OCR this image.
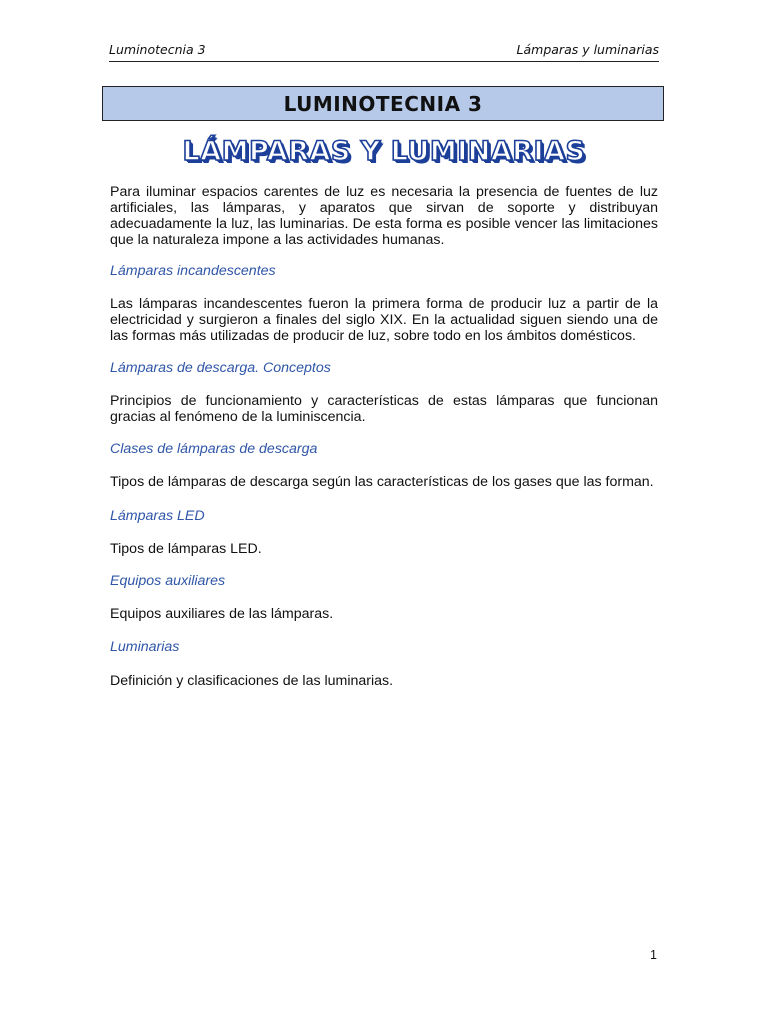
Luminotecnia 3	Lámparas y luminarias
LUMINOTECNIA 3
LÁMPARAS Y LUMINARIAS
Para iluminar espacios carentes de luz es necesaria la presencia de fuentes de luz artificiales, las lámparas, y aparatos que sirvan de soporte y distribuyan adecuadamente la luz, las luminarias. De esta forma es posible vencer las limitaciones que la naturaleza impone a las actividades humanas.
Lámparas incandescentes
Las lámparas incandescentes fueron la primera forma de producir luz a partir de la electricidad y surgieron a finales del siglo XIX. En la actualidad siguen siendo una de las formas más utilizadas de producir de luz, sobre todo en los ámbitos domésticos.
Lámparas de descarga. Conceptos
Principios de funcionamiento y características de estas lámparas que funcionan gracias al fenómeno de la luminiscencia.
Clases de lámparas de descarga
Tipos de lámparas de descarga según las características de los gases que las forman.
Lámparas LED
Tipos de lámparas LED.
Equipos auxiliares
Equipos auxiliares de las lámparas.
Luminarias
Definición y clasificaciones de las luminarias.
1
